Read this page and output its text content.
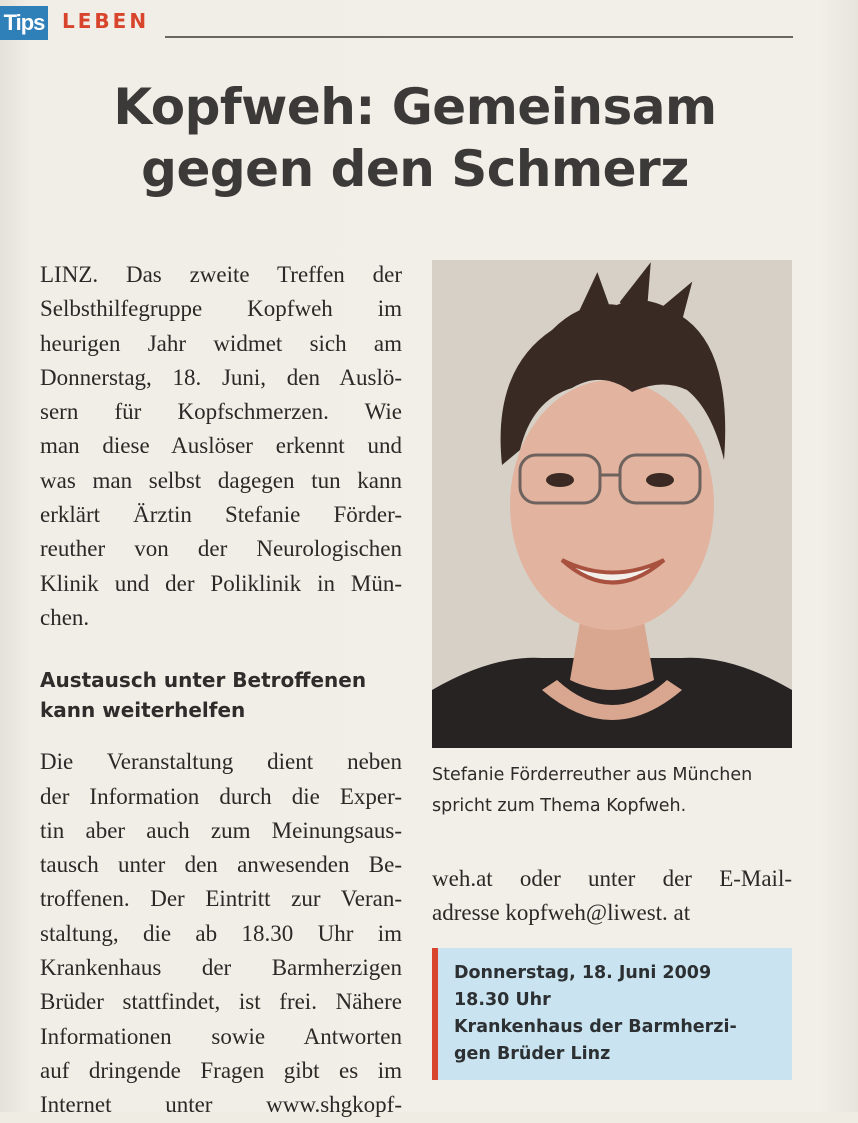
Tips LEBEN
Kopfweh: Gemeinsam
gegen den Schmerz

LINZ. Das zweite Treffen der
Selbsthilfegruppe Kopfweh im
heurigen Jahr widmet sich am
Donnerstag, 18. Juni, den Auslö-
sern für Kopfschmerzen. Wie
man diese Auslöser erkennt und
was man selbst dagegen tun kann
erklärt Ärztin Stefanie Förder-
reuther von der Neurologischen
Klinik und der Poliklinik in Mün-
chen.

Austausch unter Betroffenen
kann weiterhelfen

Die Veranstaltung dient neben
der Information durch die Exper-
tin aber auch zum Meinungsaus-
tausch unter den anwesenden Be-
troffenen. Der Eintritt zur Veran-
staltung, die ab 18.30 Uhr im
Krankenhaus der Barmherzigen
Brüder stattfindet, ist frei. Nähere
Informationen sowie Antworten
auf dringende Fragen gibt es im
Internet unter www.shgkopf-

Stefanie Förderreuther aus München
spricht zum Thema Kopfweh.
weh.at oder unter der E-Mail-
adresse kopfweh@liwest. at
Donnerstag, 18. Juni 2009
18.30 Uhr
Krankenhaus der Barmherzi-
gen Brüder Linz
